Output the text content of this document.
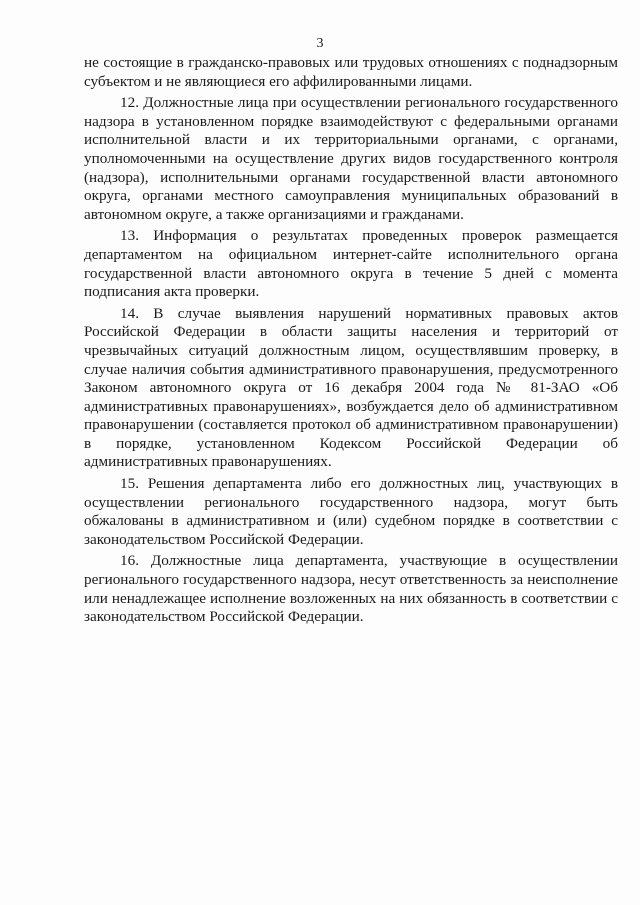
3

не состоящие в гражданско-правовых или трудовых отношениях с поднадзорным субъектом и не являющиеся его аффилированными лицами.

12. Должностные лица при осуществлении регионального государственного надзора в установленном порядке взаимодействуют с федеральными органами исполнительной власти и их территориальными органами, с органами, уполномоченными на осуществление других видов государственного контроля (надзора), исполнительными органами государственной власти автономного округа, органами местного самоуправления муниципальных образований в автономном округе, а также организациями и гражданами.

13. Информация о результатах проведенных проверок размещается департаментом на официальном интернет-сайте исполнительного органа государственной власти автономного округа в течение 5 дней с момента подписания акта проверки.

14. В случае выявления нарушений нормативных правовых актов Российской Федерации в области защиты населения и территорий от чрезвычайных ситуаций должностным лицом, осуществлявшим проверку, в случае наличия события административного правонарушения, предусмотренного Законом автономного округа от 16 декабря 2004 года № 81-ЗАО «Об административных правонарушениях», возбуждается дело об административном правонарушении (составляется протокол об административном правонарушении) в порядке, установленном Кодексом Российской Федерации об административных правонарушениях.

15. Решения департамента либо его должностных лиц, участвующих в осуществлении регионального государственного надзора, могут быть обжалованы в административном и (или) судебном порядке в соответствии с законодательством Российской Федерации.

16. Должностные лица департамента, участвующие в осуществлении регионального государственного надзора, несут ответственность за неисполнение или ненадлежащее исполнение возложенных на них обязанность в соответствии с законодательством Российской Федерации.
